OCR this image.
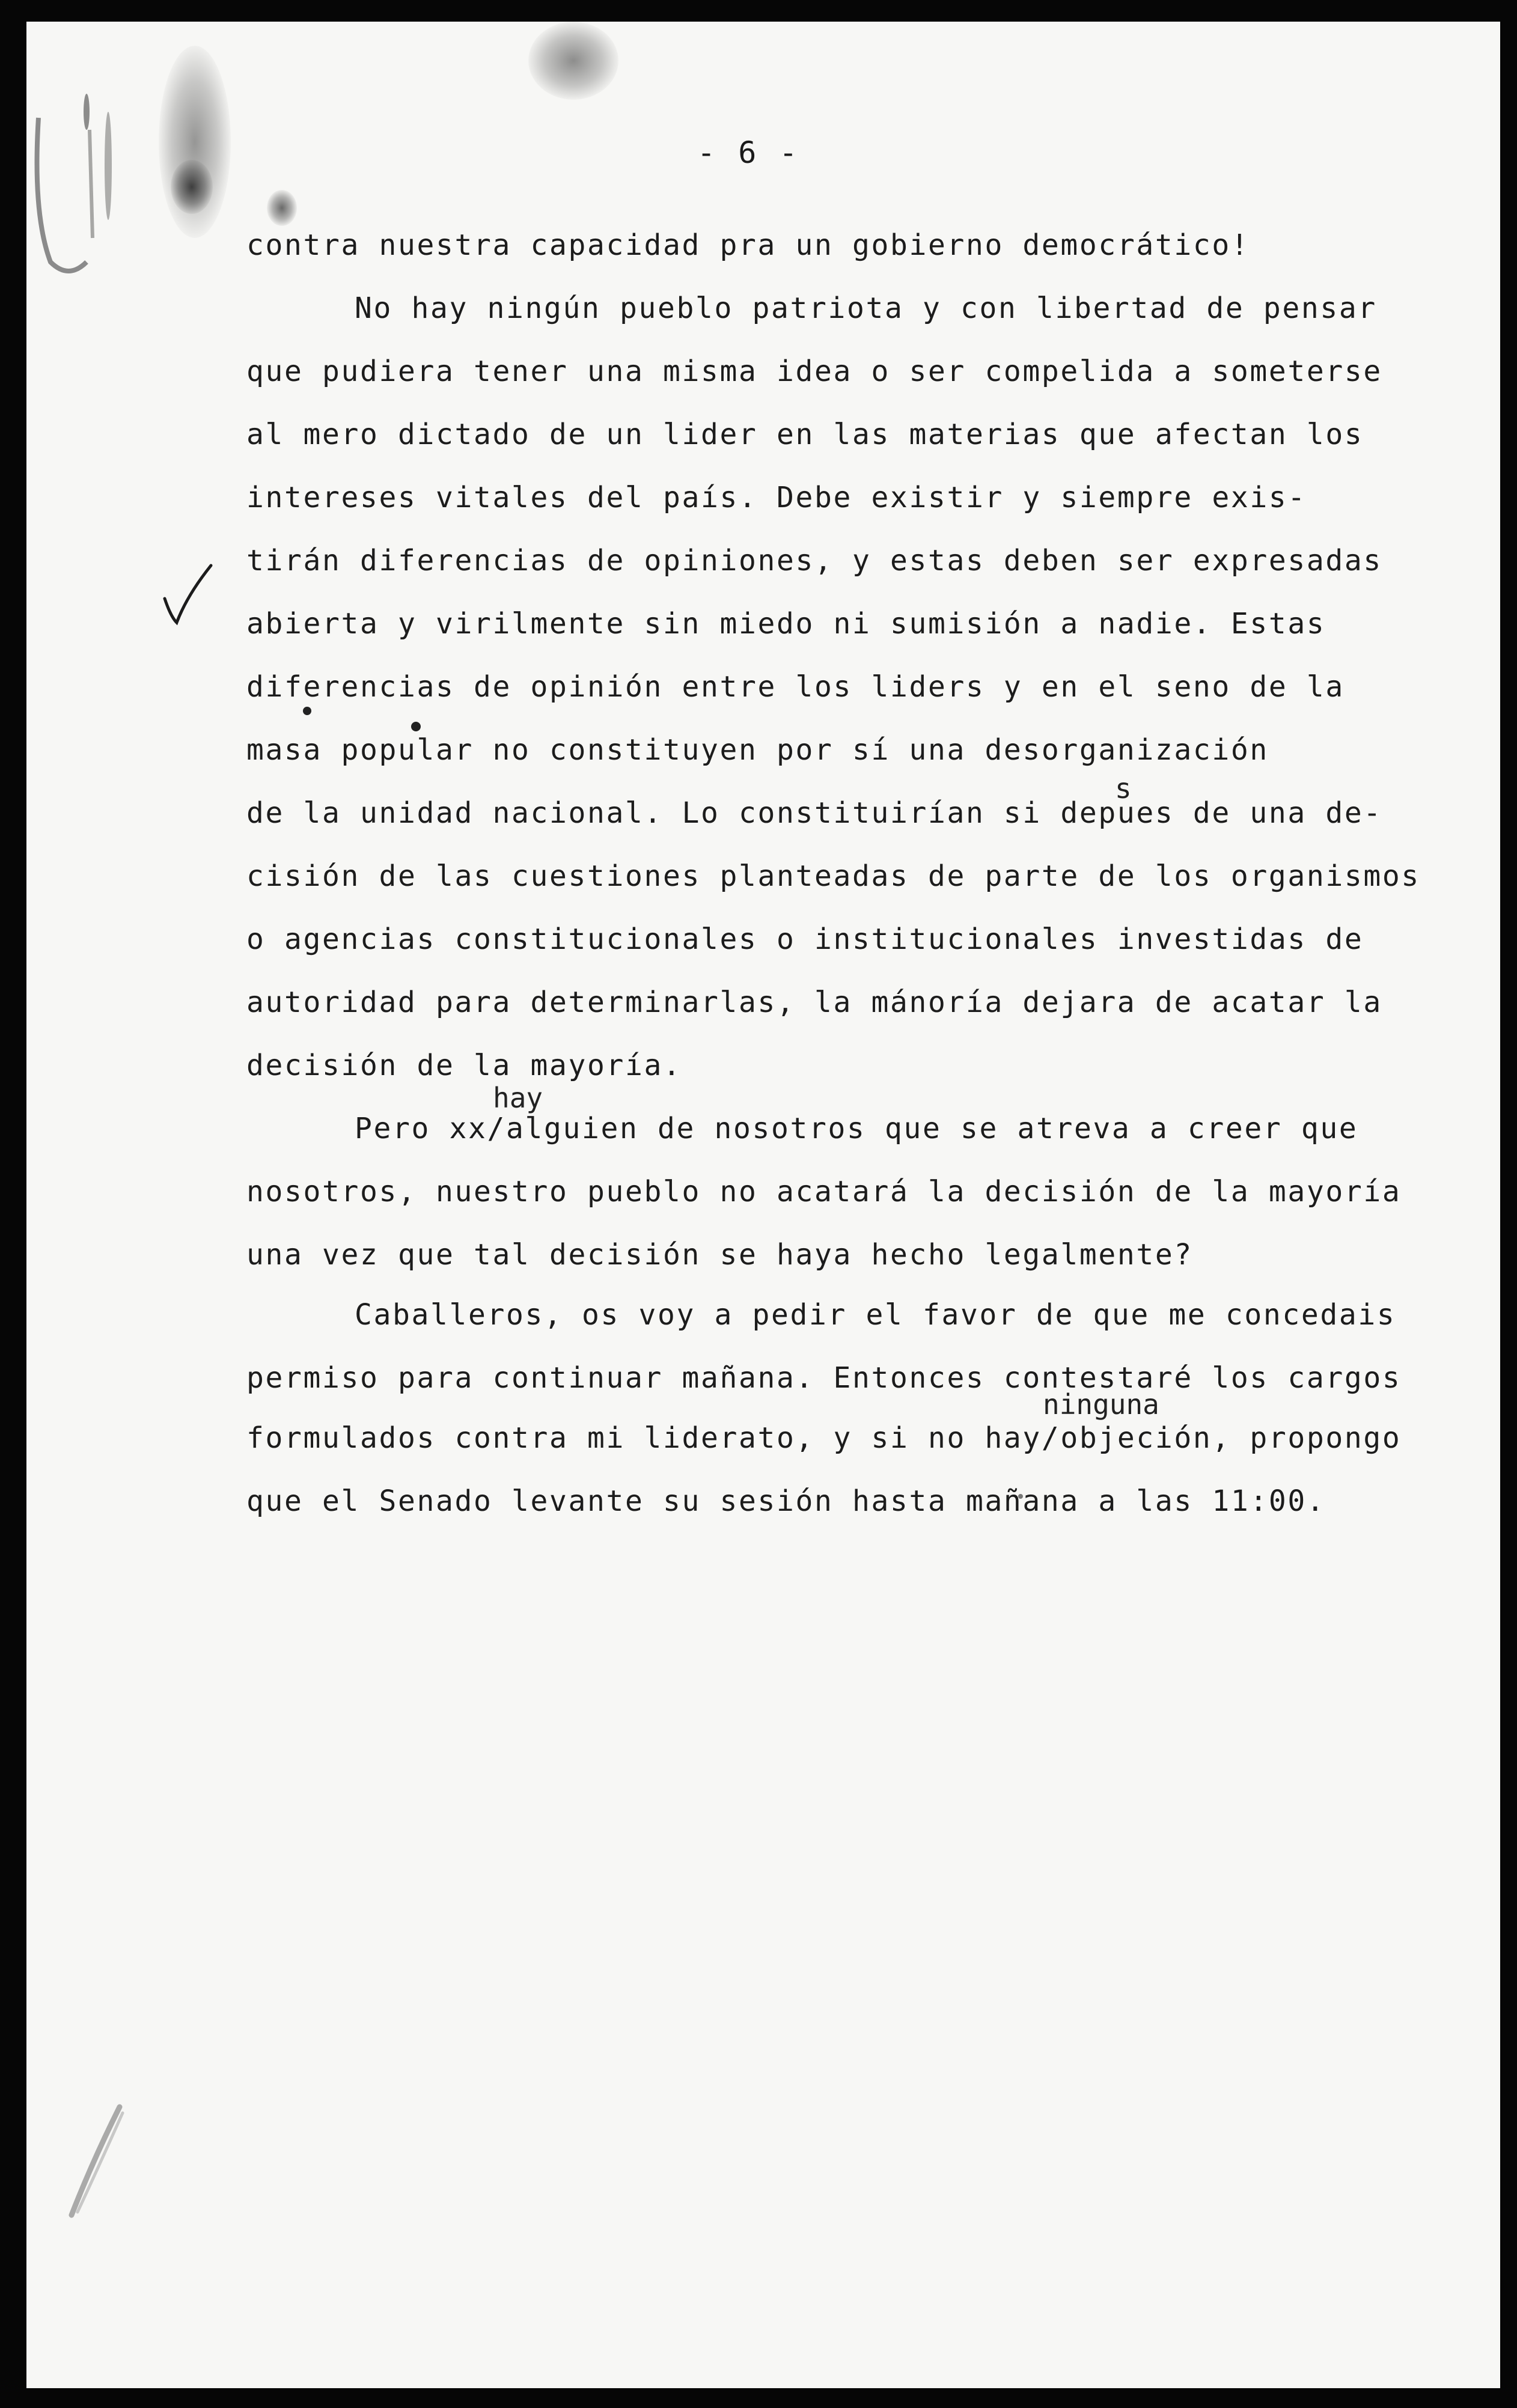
- 6 -
contra nuestra capacidad pra un gobierno democrático!
No hay ningún pueblo patriota y con libertad de pensar
que pudiera tener una misma idea o ser compelida a someterse
al mero dictado de un lider en las materias que afectan los
intereses vitales del país. Debe existir y siempre exis-
tirán diferencias de opiniones, y estas deben ser expresadas
abierta y virilmente sin miedo ni sumisión a nadie. Estas
diferencias de opinión entre los liders y en el seno de la
masa popular no constituyen por sí una desorganización
s
de la unidad nacional. Lo constituirían si depues de una de-
cisión de las cuestiones planteadas de parte de los organismos
o agencias constitucionales o institucionales investidas de
autoridad para determinarlas, la mánoría dejara de acatar la
decisión de la mayoría.
hay
Pero xx/alguien de nosotros que se atreva a creer que
nosotros, nuestro pueblo no acatará la decisión de la mayoría
una vez que tal decisión se haya hecho legalmente?
Caballeros, os voy a pedir el favor de que me concedais
permiso para continuar mañana. Entonces contestaré los cargos
ninguna
formulados contra mi liderato, y si no hay/objeción, propongo
que el Senado levante su sesión hasta mañana a las 11:00.
